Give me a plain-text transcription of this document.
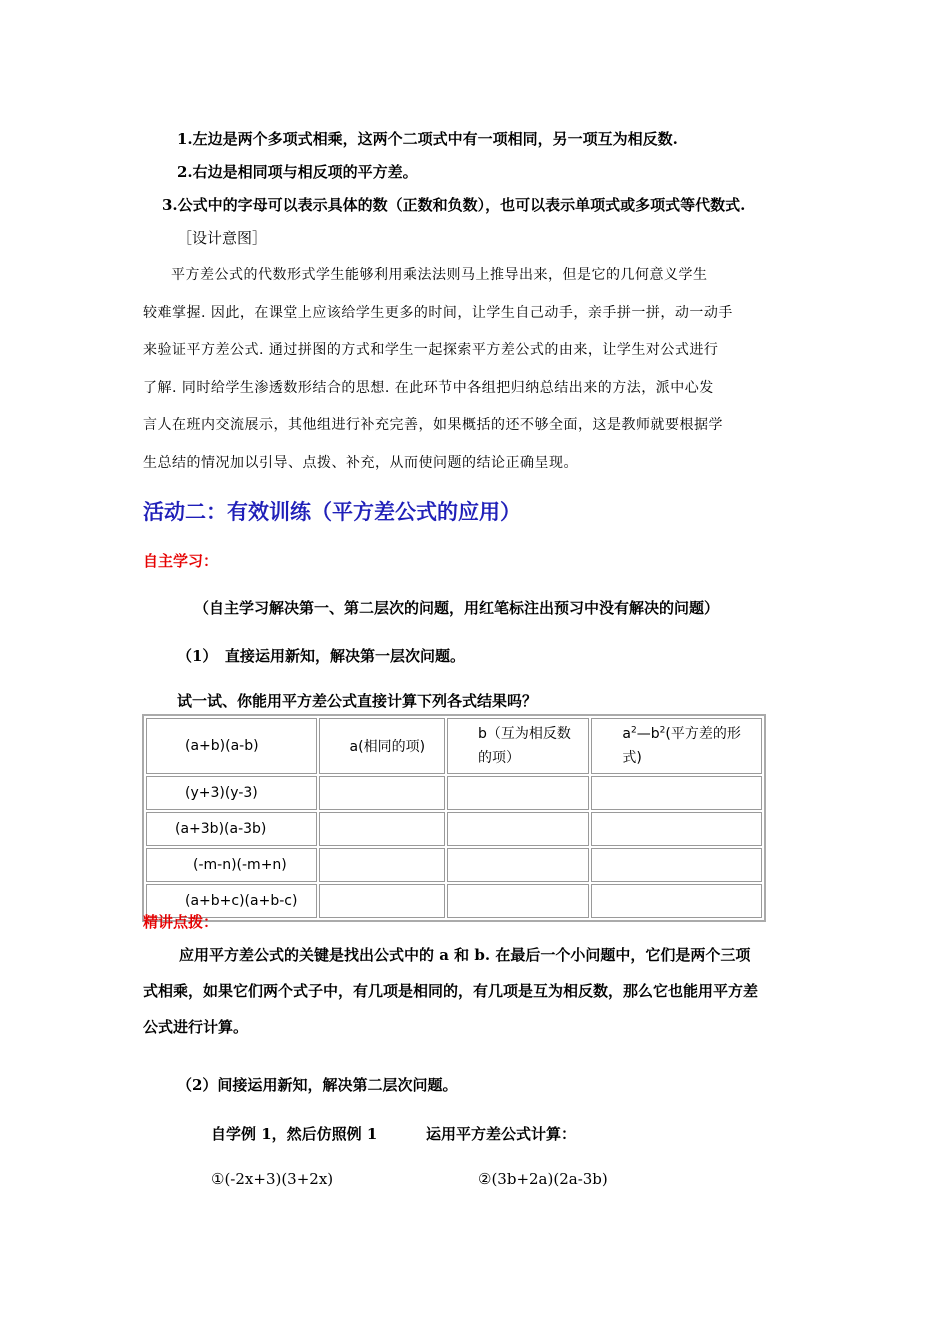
1.左边是两个多项式相乘，这两个二项式中有一项相同，另一项互为相反数.
2.右边是相同项与相反项的平方差。
3.公式中的字母可以表示具体的数（正数和负数），也可以表示单项式或多项式等代数式.
［设计意图］

平方差公式的代数形式学生能够利用乘法法则马上推导出来，但是它的几何意义学生

较难掌握. 因此，在课堂上应该给学生更多的时间，让学生自己动手，亲手拼一拼，动一动手

来验证平方差公式. 通过拼图的方式和学生一起探索平方差公式的由来，让学生对公式进行

了解. 同时给学生渗透数形结合的思想. 在此环节中各组把归纳总结出来的方法，派中心发

言人在班内交流展示，其他组进行补充完善，如果概括的还不够全面，这是教师就要根据学

生总结的情况加以引导、点拨、补充，从而使问题的结论正确呈现。

活动二：有效训练（平方差公式的应用）
自主学习：
（自主学习解决第一、第二层次的问题，用红笔标注出预习中没有解决的问题）
（1）　直接运用新知，解决第一层次问题。
试一试、你能用平方差公式直接计算下列各式结果吗？
(a+b)(a-b)	a(相同的项)	b（互为相反数的项）	$a^2—b^2$(平方差的形式)
(y+3)(y-3)			
(a+3b)(a-3b)			
(-m-n)(-m+n)			
(a+b+c)(a+b-c)			
精讲点拨：

应用平方差公式的关键是找出公式中的 a 和 b. 在最后一个小问题中，它们是两个三项

式相乘，如果它们两个式子中，有几项是相同的，有几项是互为相反数，那么它也能用平方差

公式进行计算。

（2）间接运用新知，解决第二层次问题。
自学例 1，然后仿照例 1	运用平方差公式计算：
①(-2x+3)(3+2x)	②(3b+2a)(2a-3b)
